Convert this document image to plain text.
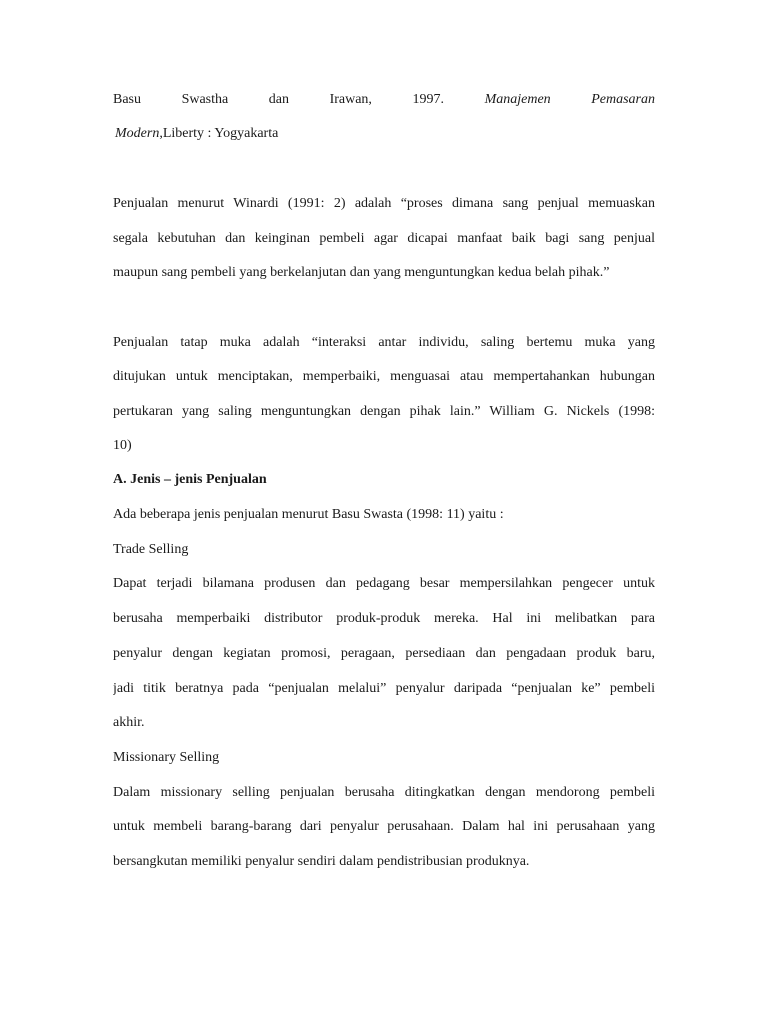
Basu Swastha dan Irawan, 1997.	Manajemen Pemasaran
Modern,Liberty : Yogyakarta
Penjualan menurut Winardi (1991: 2) adalah “proses dimana sang penjual memuaskan
segala kebutuhan dan keinginan pembeli agar dicapai manfaat baik bagi sang penjual
maupun sang pembeli yang berkelanjutan dan yang menguntungkan kedua belah pihak.”
Penjualan tatap muka adalah “interaksi antar individu, saling bertemu muka yang
ditujukan untuk menciptakan, memperbaiki, menguasai atau mempertahankan hubungan
pertukaran yang saling menguntungkan dengan pihak lain.” William G. Nickels (1998:
10)
A. Jenis – jenis Penjualan
Ada beberapa jenis penjualan menurut Basu Swasta (1998: 11) yaitu :
Trade Selling
Dapat terjadi bilamana produsen dan pedagang besar mempersilahkan pengecer untuk
berusaha memperbaiki distributor produk-produk mereka. Hal ini melibatkan para
penyalur dengan kegiatan promosi, peragaan, persediaan dan pengadaan produk baru,
jadi titik beratnya pada “penjualan melalui” penyalur daripada “penjualan ke” pembeli
akhir.
Missionary Selling
Dalam missionary selling penjualan berusaha ditingkatkan dengan mendorong pembeli
untuk membeli barang-barang dari penyalur perusahaan. Dalam hal ini perusahaan yang
bersangkutan memiliki penyalur sendiri dalam pendistribusian produknya.
